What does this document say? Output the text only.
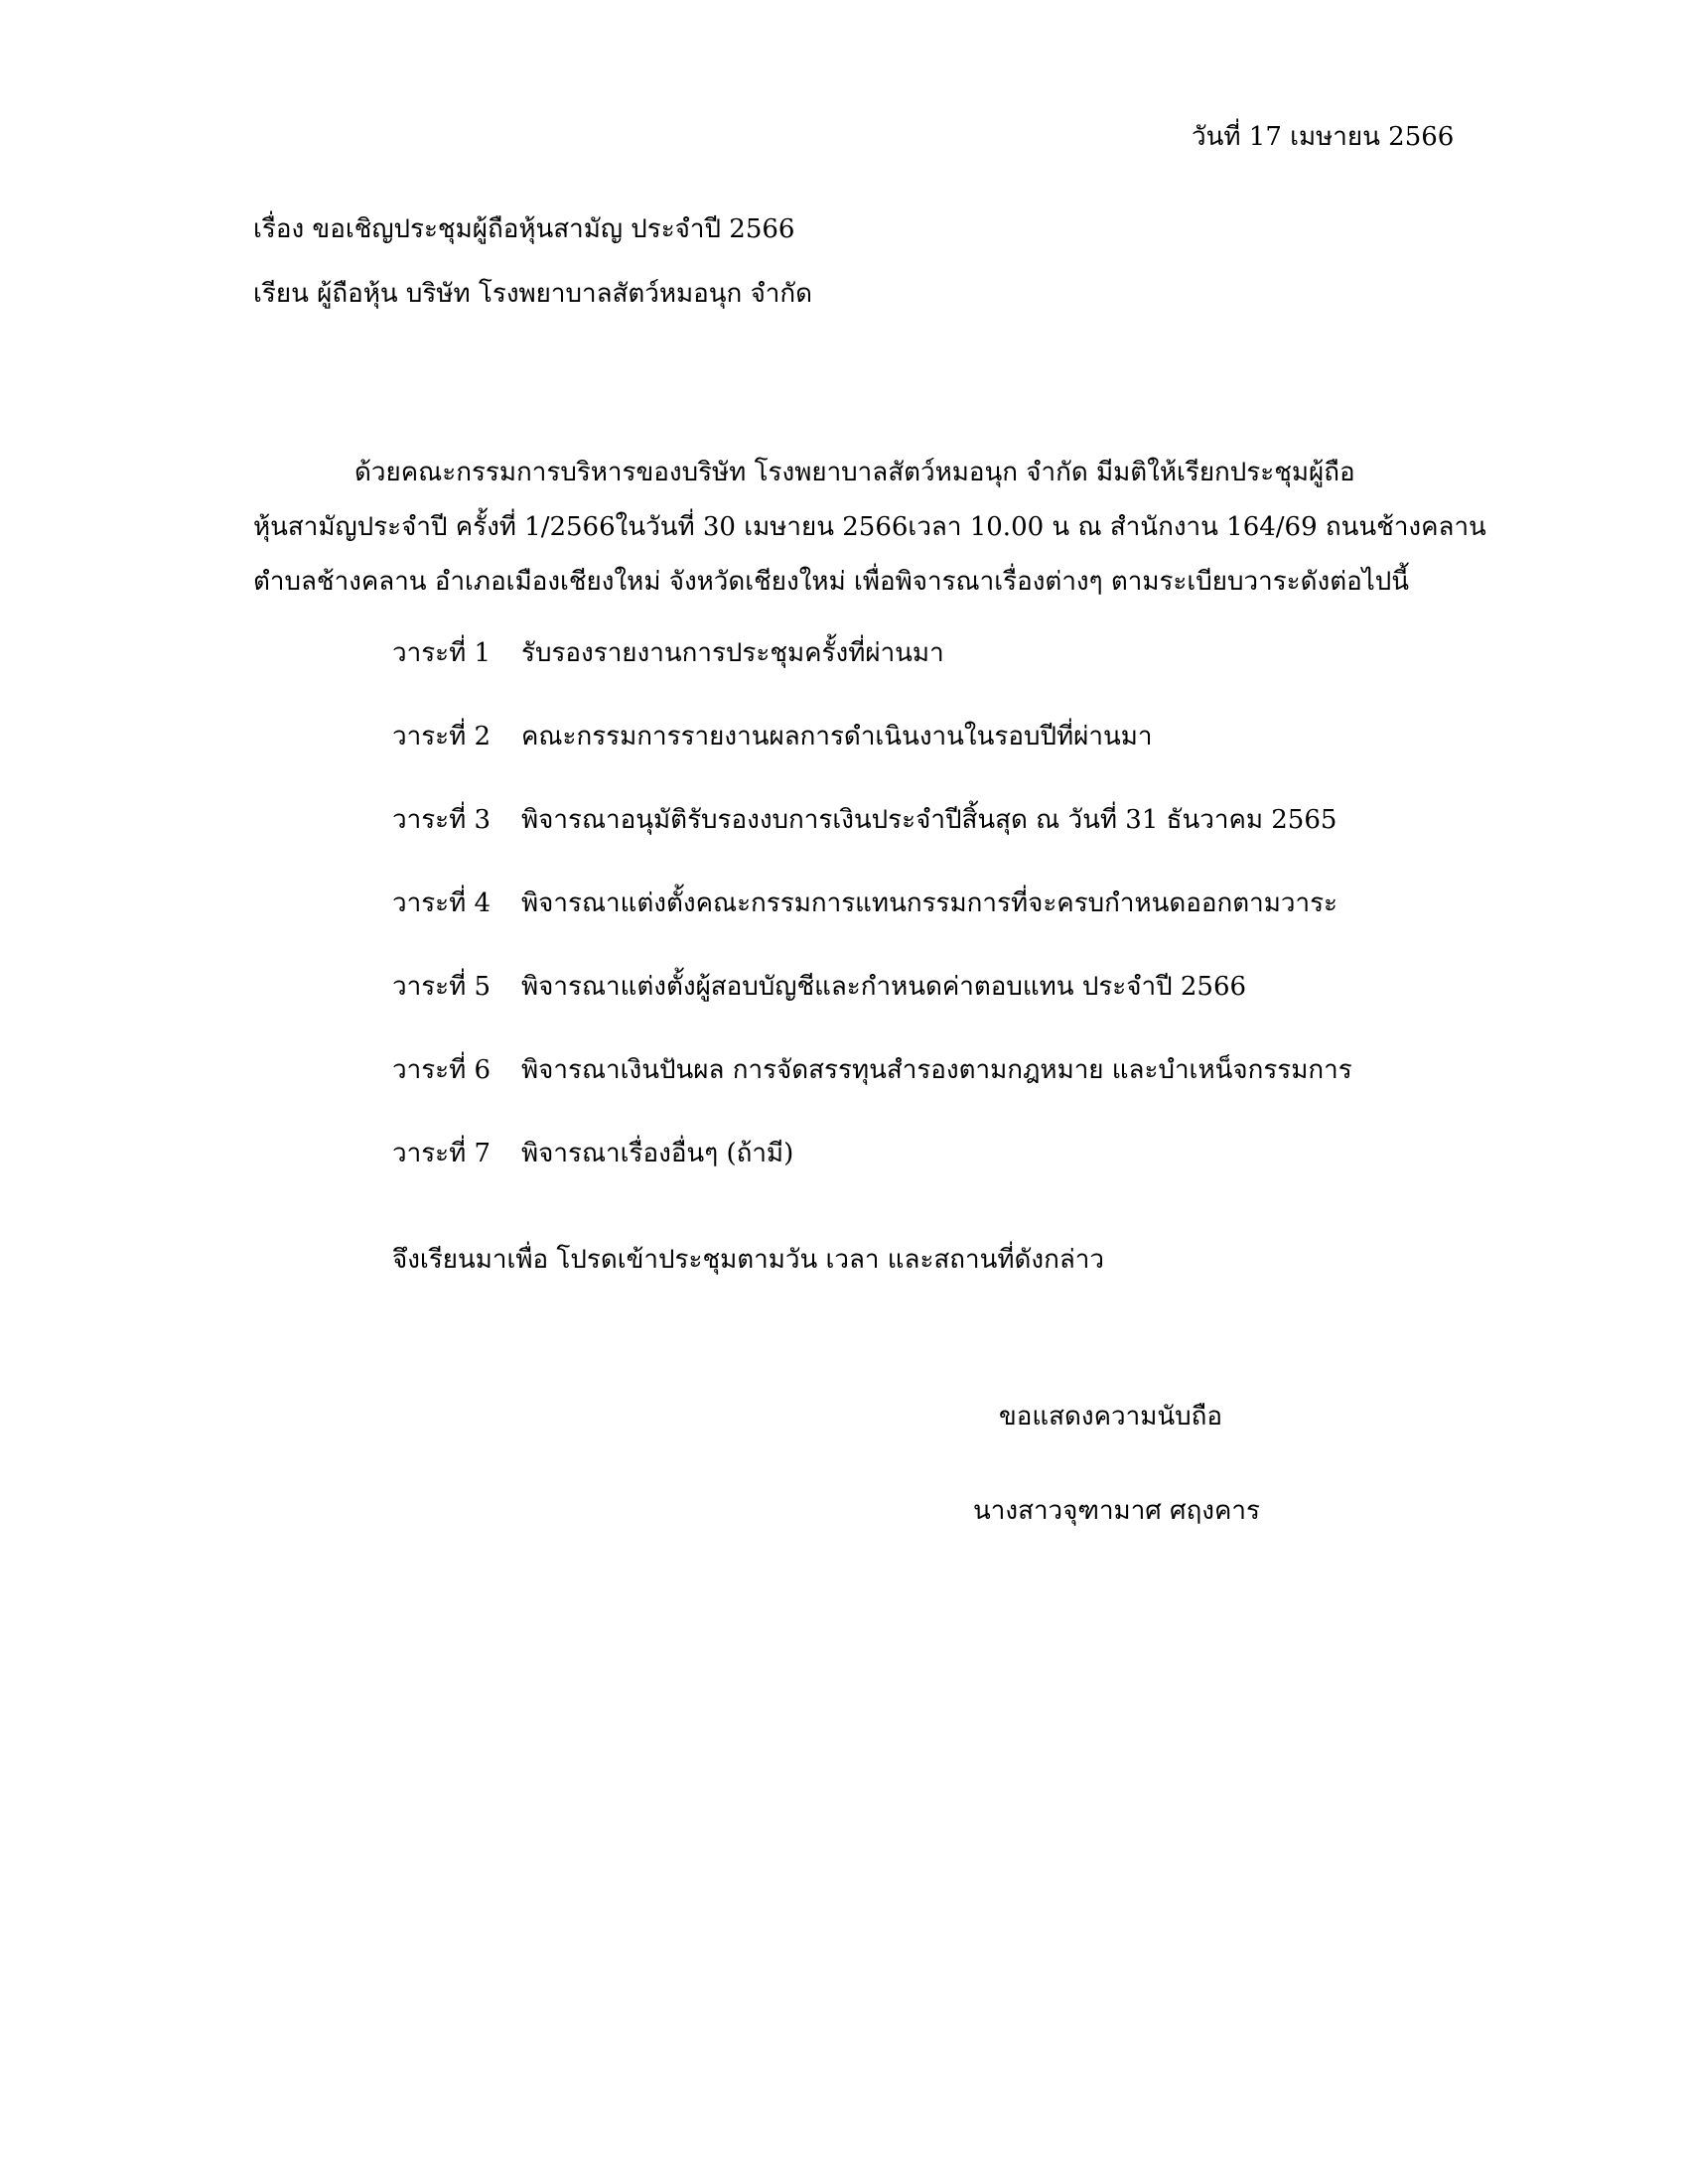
วันที่ 17 เมษายน 2566
เรื่อง ขอเชิญประชุมผู้ถือหุ้นสามัญ ประจำปี 2566
เรียน ผู้ถือหุ้น บริษัท โรงพยาบาลสัตว์หมอนุก จำกัด
ด้วยคณะกรรมการบริหารของบริษัท โรงพยาบาลสัตว์หมอนุก จำกัด มีมติให้เรียกประชุมผู้ถือ
หุ้นสามัญประจำปี ครั้งที่ 1/2566ในวันที่ 30 เมษายน 2566เวลา 10.00 น ณ สำนักงาน 164/69 ถนนช้างคลาน
ตำบลช้างคลาน อำเภอเมืองเชียงใหม่ จังหวัดเชียงใหม่ เพื่อพิจารณาเรื่องต่างๆ ตามระเบียบวาระดังต่อไปนี้
วาระที่ 1	รับรองรายงานการประชุมครั้งที่ผ่านมา
วาระที่ 2	คณะกรรมการรายงานผลการดำเนินงานในรอบปีที่ผ่านมา
วาระที่ 3	พิจารณาอนุมัติรับรองงบการเงินประจำปีสิ้นสุด ณ วันที่ 31 ธันวาคม 2565
วาระที่ 4	พิจารณาแต่งตั้งคณะกรรมการแทนกรรมการที่จะครบกำหนดออกตามวาระ
วาระที่ 5	พิจารณาแต่งตั้งผู้สอบบัญชีและกำหนดค่าตอบแทน ประจำปี 2566
วาระที่ 6	พิจารณาเงินปันผล การจัดสรรทุนสำรองตามกฎหมาย และบำเหน็จกรรมการ
วาระที่ 7	พิจารณาเรื่องอื่นๆ (ถ้ามี)
จึงเรียนมาเพื่อ โปรดเข้าประชุมตามวัน เวลา และสถานที่ดังกล่าว
ขอแสดงความนับถือ
นางสาวจุฑามาศ ศฤงคาร
